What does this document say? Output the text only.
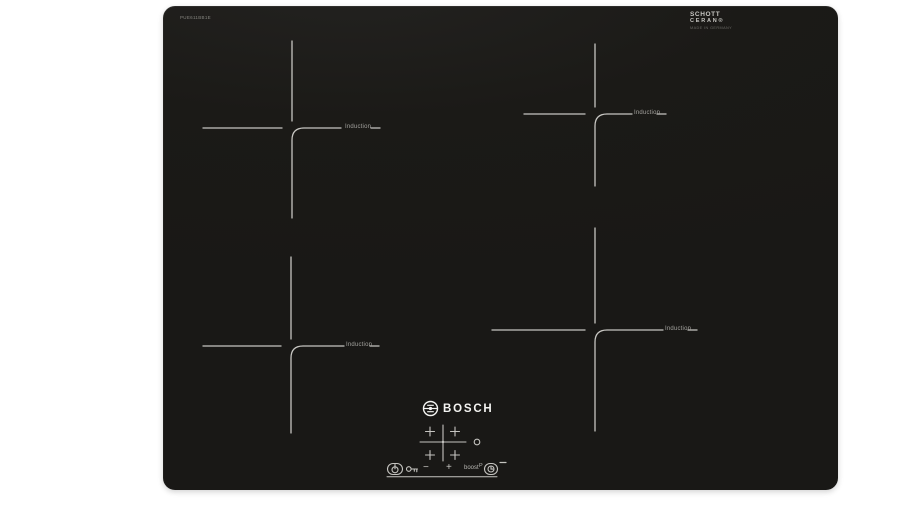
PUE611BB1E	SCHOTT
CERAN®
MADE IN GERMANY
Induction
Induction
Induction
Induction
BOSCH
− + boost P
